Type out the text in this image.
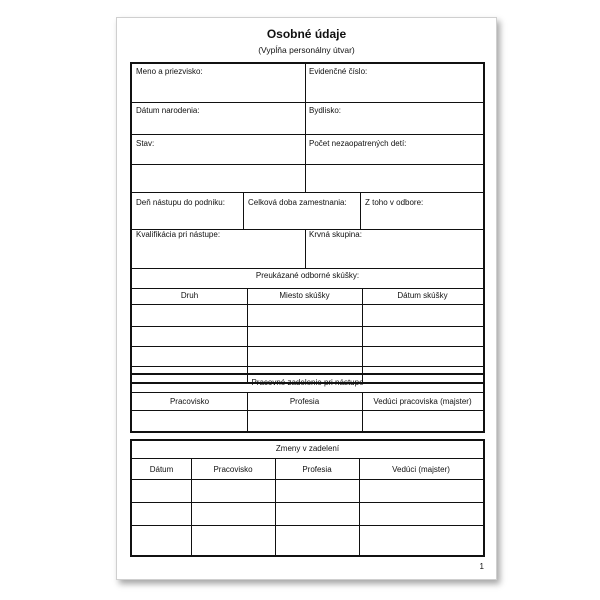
Osobné údaje
(Vypĺňa personálny útvar)
Meno a priezvisko:	Evidenčné číslo:
Dátum narodenia:	Bydlisko:
Stav:	Počet nezaopatrených detí:
Deň nástupu do podniku:	Celková doba zamestnania: Z toho v odbore:
Kvalifikácia pri nástupe:	Krvná skupina:
Preukázané odborné skúšky:
Druh	Miesto skúšky	Dátum skúšky
Pracovné zadelenie pri nástupe
Pracovisko	Profesia	Vedúci pracoviska (majster)
Zmeny v zadelení
Dátum	Pracovisko	Profesia	Vedúci (majster)
1
